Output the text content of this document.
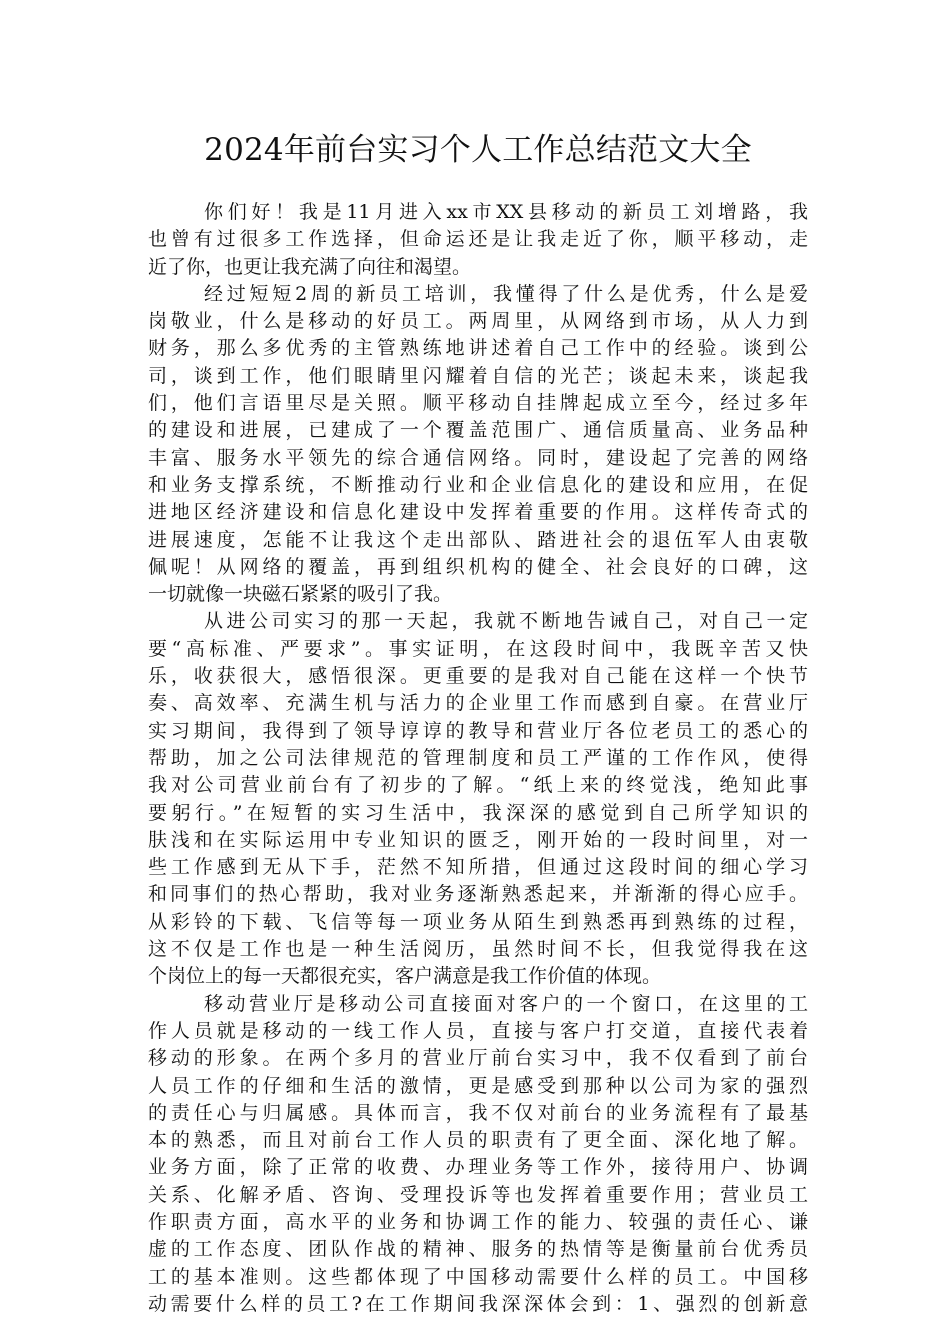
2024年前台实习个人工作总结范文大全
你们好！我是11月进入xx市XX县移动的新员工刘增路，我
也曾有过很多工作选择，但命运还是让我走近了你，顺平移动，走
近了你，也更让我充满了向往和渴望。
经过短短2周的新员工培训，我懂得了什么是优秀，什么是爱
岗敬业，什么是移动的好员工。两周里，从网络到市场，从人力到
财务，那么多优秀的主管熟练地讲述着自己工作中的经验。谈到公
司，谈到工作，他们眼睛里闪耀着自信的光芒；谈起未来，谈起我
们，他们言语里尽是关照。顺平移动自挂牌起成立至今，经过多年
的建设和进展，已建成了一个覆盖范围广、通信质量高、业务品种
丰富、服务水平领先的综合通信网络。同时，建设起了完善的网络
和业务支撑系统，不断推动行业和企业信息化的建设和应用，在促
进地区经济建设和信息化建设中发挥着重要的作用。这样传奇式的
进展速度，怎能不让我这个走出部队、踏进社会的退伍军人由衷敬
佩呢！从网络的覆盖，再到组织机构的健全、社会良好的口碑，这
一切就像一块磁石紧紧的吸引了我。
从进公司实习的那一天起，我就不断地告诫自己，对自己一定
要“高标准、严要求”。事实证明，在这段时间中，我既辛苦又快
乐，收获很大，感悟很深。更重要的是我对自己能在这样一个快节
奏、高效率、充满生机与活力的企业里工作而感到自豪。在营业厅
实习期间，我得到了领导谆谆的教导和营业厅各位老员工的悉心的
帮助，加之公司法律规范的管理制度和员工严谨的工作作风，使得
我对公司营业前台有了初步的了解。“纸上来的终觉浅，绝知此事
要躬行。”在短暂的实习生活中，我深深的感觉到自己所学知识的
肤浅和在实际运用中专业知识的匮乏，刚开始的一段时间里，对一
些工作感到无从下手，茫然不知所措，但通过这段时间的细心学习
和同事们的热心帮助，我对业务逐渐熟悉起来，并渐渐的得心应手。
从彩铃的下载、飞信等每一项业务从陌生到熟悉再到熟练的过程，
这不仅是工作也是一种生活阅历，虽然时间不长，但我觉得我在这
个岗位上的每一天都很充实，客户满意是我工作价值的体现。
移动营业厅是移动公司直接面对客户的一个窗口，在这里的工
作人员就是移动的一线工作人员，直接与客户打交道，直接代表着
移动的形象。在两个多月的营业厅前台实习中，我不仅看到了前台
人员工作的仔细和生活的激情，更是感受到那种以公司为家的强烈
的责任心与归属感。具体而言，我不仅对前台的业务流程有了最基
本的熟悉，而且对前台工作人员的职责有了更全面、深化地了解。
业务方面，除了正常的收费、办理业务等工作外，接待用户、协调
关系、化解矛盾、咨询、受理投诉等也发挥着重要作用；营业员工
作职责方面，高水平的业务和协调工作的能力、较强的责任心、谦
虚的工作态度、团队作战的精神、服务的热情等是衡量前台优秀员
工的基本准则。这些都体现了中国移动需要什么样的员工。中国移
动需要什么样的员工?在工作期间我深深体会到：1、强烈的创新意
